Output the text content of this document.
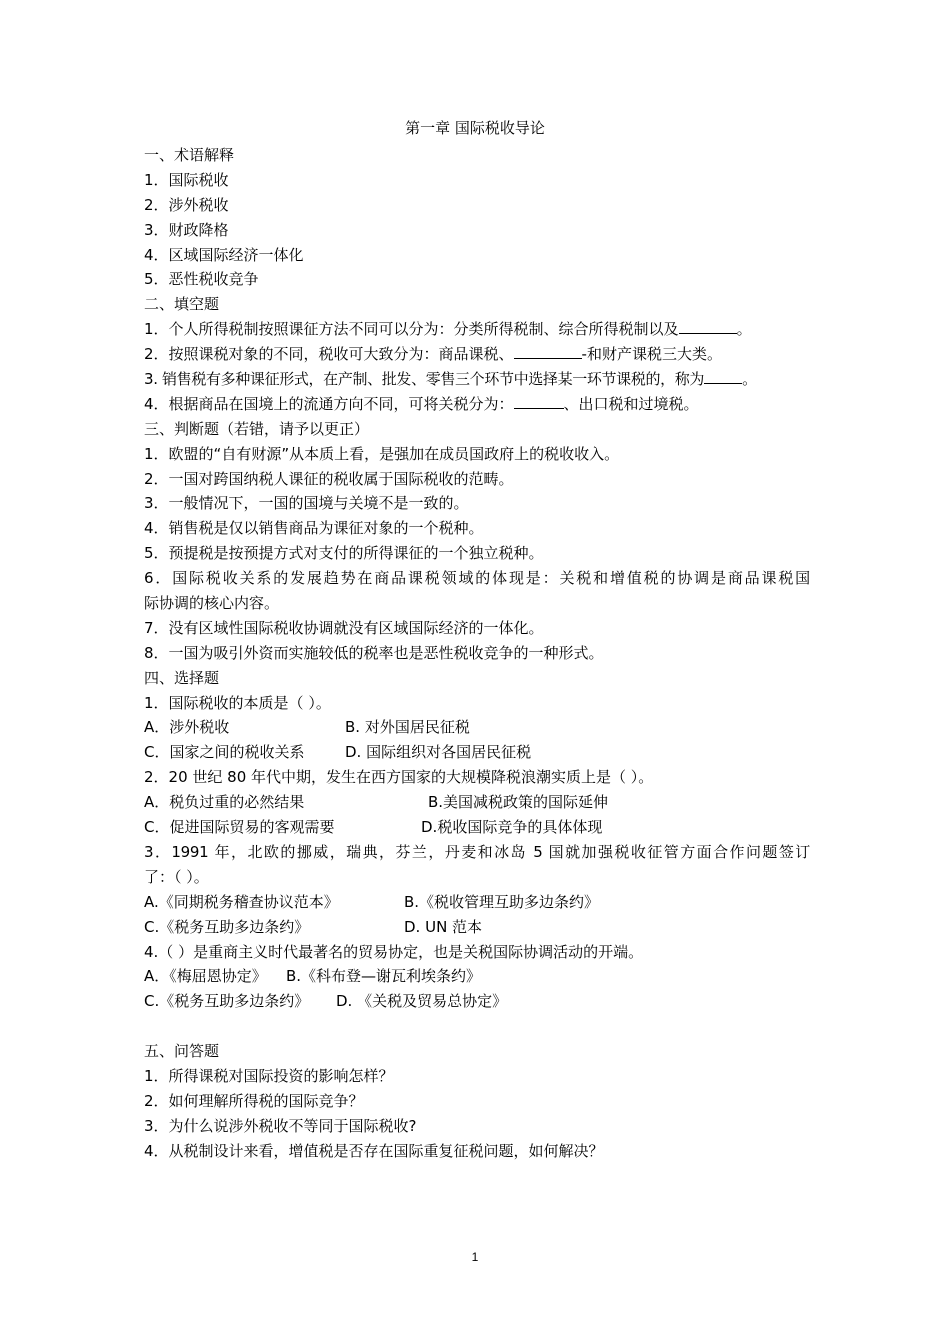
第一章 国际税收导论
一、术语解释
1．国际税收
2．涉外税收
3．财政降格
4．区域国际经济一体化
5．恶性税收竞争
二、填空题
1．个人所得税制按照课征方法不同可以分为：分类所得税制、综合所得税制以及	。
2．按照课税对象的不同，税收可大致分为：商品课税、	-和财产课税三大类。
3. 销售税有多种课征形式，在产制、批发、零售三个环节中选择某一环节课税的，称为	。
4．根据商品在国境上的流通方向不同，可将关税分为：	、出口税和过境税。
三、判断题（若错，请予以更正）
1．欧盟的“自有财源”从本质上看，是强加在成员国政府上的税收收入。
2．一国对跨国纳税人课征的税收属于国际税收的范畴。
3．一般情况下，一国的国境与关境不是一致的。
4．销售税是仅以销售商品为课征对象的一个税种。
5．预提税是按预提方式对支付的所得课征的一个独立税种。
6．国际税收关系的发展趋势在商品课税领域的体现是：关税和增值税的协调是商品课税国
际协调的核心内容。
7．没有区域性国际税收协调就没有区域国际经济的一体化。
8．一国为吸引外资而实施较低的税率也是恶性税收竞争的一种形式。
四、选择题
1．国际税收的本质是（ ）。
A．涉外税收	B. 对外国居民征税
C．国家之间的税收关系	D. 国际组织对各国居民征税
2．20 世纪 80 年代中期，发生在西方国家的大规模降税浪潮实质上是（ ）。
A．税负过重的必然结果	B.美国减税政策的国际延伸
C．促进国际贸易的客观需要	D.税收国际竞争的具体体现
3．1991 年，北欧的挪威，瑞典，芬兰，丹麦和冰岛 5 国就加强税收征管方面合作问题签订
了：（ ）。
A.《同期税务稽查协议范本》	B.《税收管理互助多边条约》
C.《税务互助多边条约》	D. UN 范本
4.（ ）是重商主义时代最著名的贸易协定，也是关税国际协调活动的开端。
A．《梅屈恩协定》 B.《科布登—谢瓦利埃条约》
C.《税务互助多边条约》 D. 《关税及贸易总协定》
五、问答题
1．所得课税对国际投资的影响怎样？
2．如何理解所得税的国际竞争？
3．为什么说涉外税收不等同于国际税收?
4．从税制设计来看，增值税是否存在国际重复征税问题，如何解决？
1
